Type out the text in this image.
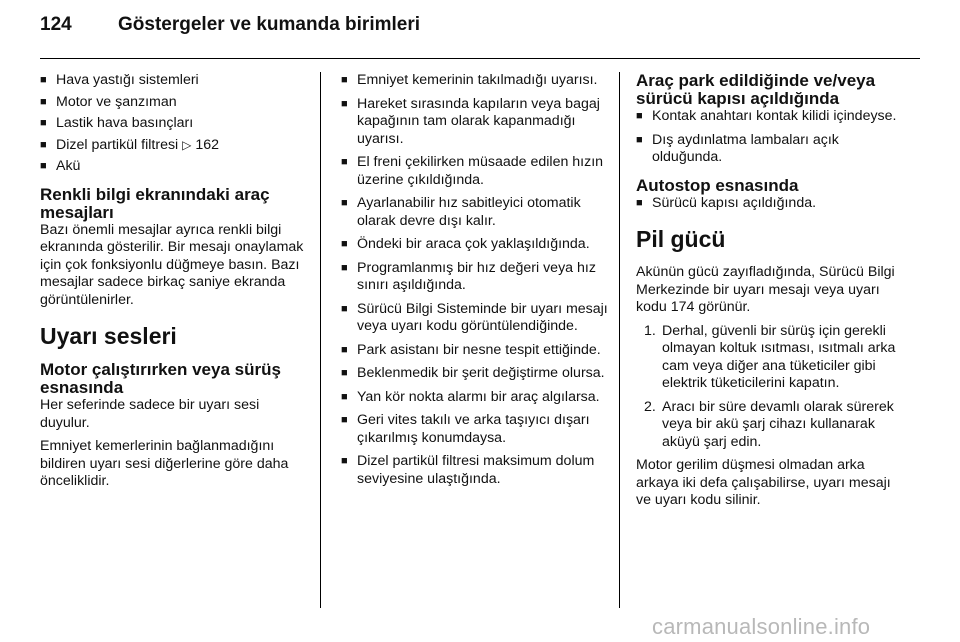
124	Göstergeler ve kumanda birimleri
■ Hava yastığı sistemleri
■ Motor ve şanzıman
■ Lastik hava basınçları
■ Dizel partikül filtresi ▷ 162
■ Akü
Renkli bilgi ekranındaki araç mesajları

Bazı önemli mesajlar ayrıca renkli bilgi ekranında gösterilir. Bir mesajı onaylamak için çok fonksiyonlu düğmeye basın. Bazı mesajlar sadece birkaç saniye ekranda görüntülenirler.

Uyarı sesleri
Motor çalıştırırken veya sürüş esnasında

Her seferinde sadece bir uyarı sesi duyulur.

Emniyet kemerlerinin bağlanmadığını bildiren uyarı sesi diğerlerine göre daha önceliklidir.

■ Emniyet kemerinin takılmadığı uyarısı.
■ Hareket sırasında kapıların veya bagaj kapağının tam olarak kapanmadığı uyarısı.
■ El freni çekilirken müsaade edilen hızın üzerine çıkıldığında.
■ Ayarlanabilir hız sabitleyici otomatik olarak devre dışı kalır.
■ Öndeki bir araca çok yaklaşıldığında.
■ Programlanmış bir hız değeri veya hız sınırı aşıldığında.
■ Sürücü Bilgi Sisteminde bir uyarı mesajı veya uyarı kodu görüntülendiğinde.
■ Park asistanı bir nesne tespit ettiğinde.
■ Beklenmedik bir şerit değiştirme olursa.
■ Yan kör nokta alarmı bir araç algılarsa.
■ Geri vites takılı ve arka taşıyıcı dışarı çıkarılmış konumdaysa.
■ Dizel partikül filtresi maksimum dolum seviyesine ulaştığında.
Araç park edildiğinde ve/veya sürücü kapısı açıldığında
■ Kontak anahtarı kontak kilidi içindeyse.
■ Dış aydınlatma lambaları açık olduğunda.
Autostop esnasında
■ Sürücü kapısı açıldığında.
Pil gücü

Akünün gücü zayıfladığında, Sürücü Bilgi Merkezinde bir uyarı mesajı veya uyarı kodu 174 görünür.

1. Derhal, güvenli bir sürüş için gerekli olmayan koltuk ısıtması, ısıtmalı arka cam veya diğer ana tüketiciler gibi elektrik tüketicilerini kapatın.
2. Aracı bir süre devamlı olarak sürerek veya bir akü şarj cihazı kullanarak aküyü şarj edin.

Motor gerilim düşmesi olmadan arka arkaya iki defa çalışabilirse, uyarı mesajı ve uyarı kodu silinir.

carmanualsonline.info
